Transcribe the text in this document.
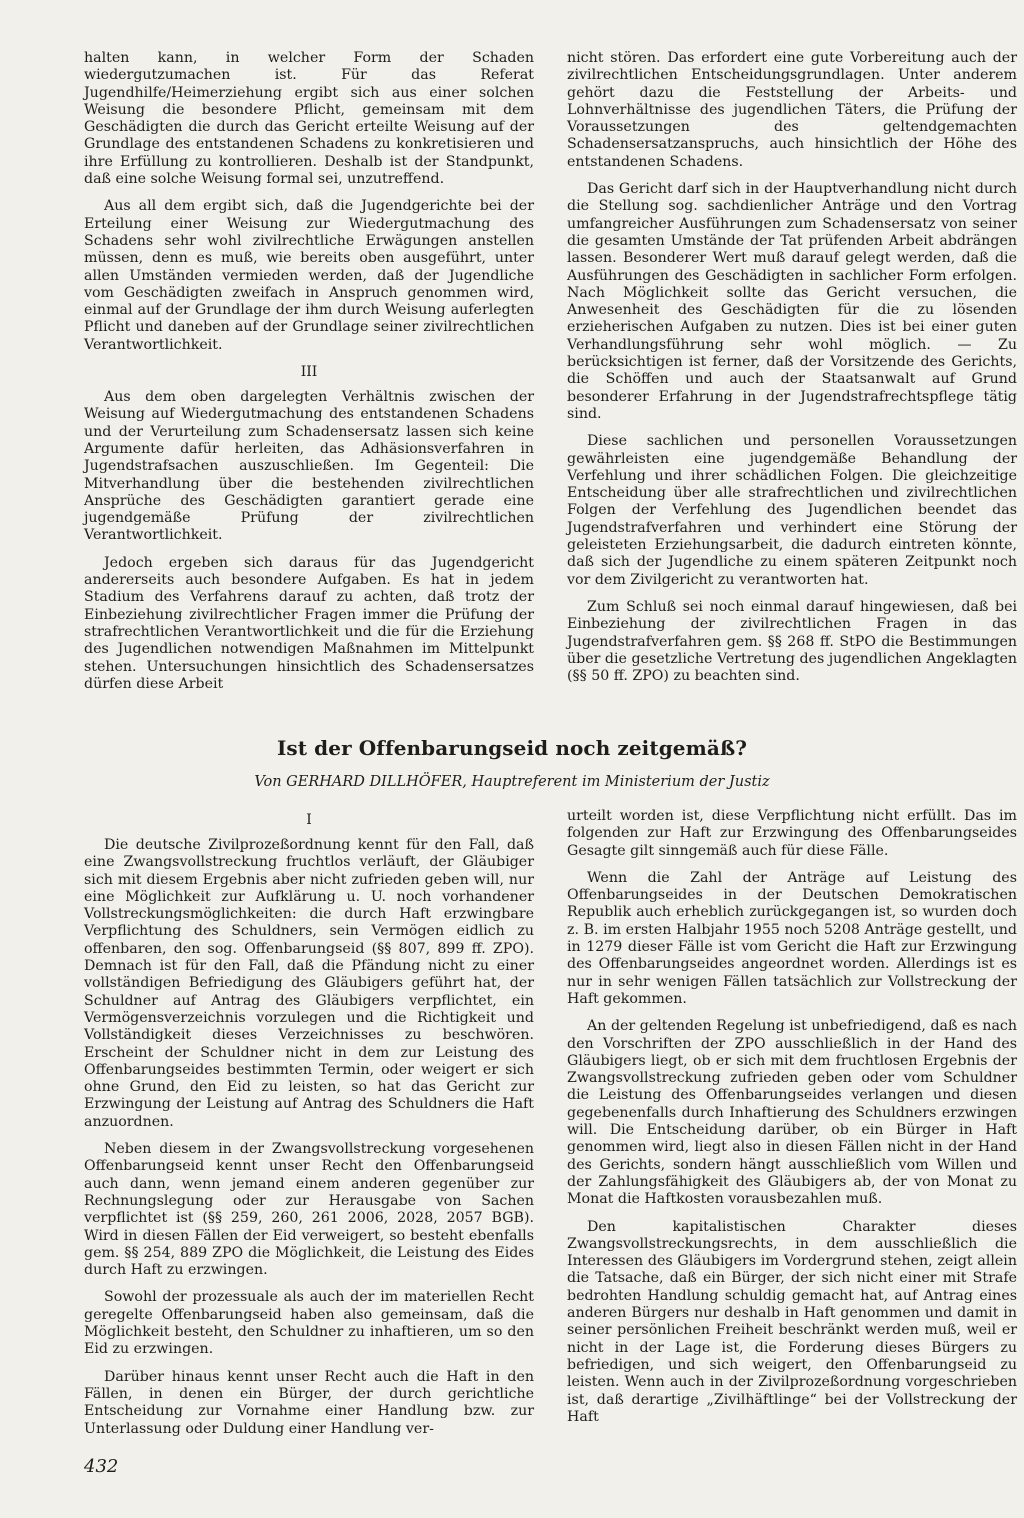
halten kann, in welcher Form der Schaden wiedergutzumachen ist. Für das Referat Jugendhilfe/Heimerziehung ergibt sich aus einer solchen Weisung die besondere Pflicht, gemeinsam mit dem Geschädigten die durch das Gericht erteilte Weisung auf der Grundlage des entstandenen Schadens zu konkretisieren und ihre Erfüllung zu kontrollieren. Deshalb ist der Standpunkt, daß eine solche Weisung formal sei, unzutreffend.

Aus all dem ergibt sich, daß die Jugendgerichte bei der Erteilung einer Weisung zur Wiedergutmachung des Schadens sehr wohl zivilrechtliche Erwägungen anstellen müssen, denn es muß, wie bereits oben ausgeführt, unter allen Umständen vermieden werden, daß der Jugendliche vom Geschädigten zweifach in Anspruch genommen wird, einmal auf der Grundlage der ihm durch Weisung auferlegten Pflicht und daneben auf der Grundlage seiner zivilrechtlichen Verantwortlichkeit.

III

Aus dem oben dargelegten Verhältnis zwischen der Weisung auf Wiedergutmachung des entstandenen Schadens und der Verurteilung zum Schadensersatz lassen sich keine Argumente dafür herleiten, das Adhäsionsverfahren in Jugendstrafsachen auszuschließen. Im Gegenteil: Die Mitverhandlung über die bestehenden zivilrechtlichen Ansprüche des Geschädigten garantiert gerade eine jugendgemäße Prüfung der zivilrechtlichen Verantwortlichkeit.

Jedoch ergeben sich daraus für das Jugendgericht andererseits auch besondere Aufgaben. Es hat in jedem Stadium des Verfahrens darauf zu achten, daß trotz der Einbeziehung zivilrechtlicher Fragen immer die Prüfung der strafrechtlichen Verantwortlichkeit und die für die Erziehung des Jugendlichen notwendigen Maßnahmen im Mittelpunkt stehen. Untersuchungen hinsichtlich des Schadensersatzes dürfen diese Arbeit

nicht stören. Das erfordert eine gute Vorbereitung auch der zivilrechtlichen Entscheidungsgrundlagen. Unter anderem gehört dazu die Feststellung der Arbeits- und Lohnverhältnisse des jugendlichen Täters, die Prüfung der Voraussetzungen des geltendgemachten Schadensersatzanspruchs, auch hinsichtlich der Höhe des entstandenen Schadens.

Das Gericht darf sich in der Hauptverhandlung nicht durch die Stellung sog. sachdienlicher Anträge und den Vortrag umfangreicher Ausführungen zum Schadensersatz von seiner die gesamten Umstände der Tat prüfenden Arbeit abdrängen lassen. Besonderer Wert muß darauf gelegt werden, daß die Ausführungen des Geschädigten in sachlicher Form erfolgen. Nach Möglichkeit sollte das Gericht versuchen, die Anwesenheit des Geschädigten für die zu lösenden erzieherischen Aufgaben zu nutzen. Dies ist bei einer guten Verhandlungsführung sehr wohl möglich. — Zu berücksichtigen ist ferner, daß der Vorsitzende des Gerichts, die Schöffen und auch der Staatsanwalt auf Grund besonderer Erfahrung in der Jugendstrafrechtspflege tätig sind.

Diese sachlichen und personellen Voraussetzungen gewährleisten eine jugendgemäße Behandlung der Verfehlung und ihrer schädlichen Folgen. Die gleichzeitige Entscheidung über alle strafrechtlichen und zivilrechtlichen Folgen der Verfehlung des Jugendlichen beendet das Jugendstrafverfahren und verhindert eine Störung der geleisteten Erziehungsarbeit, die dadurch eintreten könnte, daß sich der Jugendliche zu einem späteren Zeitpunkt noch vor dem Zivilgericht zu verantworten hat.

Zum Schluß sei noch einmal darauf hingewiesen, daß bei Einbeziehung der zivilrechtlichen Fragen in das Jugendstrafverfahren gem. §§ 268 ff. StPO die Bestimmungen über die gesetzliche Vertretung des jugendlichen Angeklagten (§§ 50 ff. ZPO) zu beachten sind.

Ist der Offenbarungseid noch zeitgemäß?
Von GERHARD DILLHÖFER, Hauptreferent im Ministerium der Justiz
I

Die deutsche Zivilprozeßordnung kennt für den Fall, daß eine Zwangsvollstreckung fruchtlos verläuft, der Gläubiger sich mit diesem Ergebnis aber nicht zufrieden geben will, nur eine Möglichkeit zur Aufklärung u. U. noch vorhandener Vollstreckungsmöglichkeiten: die durch Haft erzwingbare Verpflichtung des Schuldners, sein Vermögen eidlich zu offenbaren, den sog. Offenbarungseid (§§ 807, 899 ff. ZPO). Demnach ist für den Fall, daß die Pfändung nicht zu einer vollständigen Befriedigung des Gläubigers geführt hat, der Schuldner auf Antrag des Gläubigers verpflichtet, ein Vermögensverzeichnis vorzulegen und die Richtigkeit und Vollständigkeit dieses Verzeichnisses zu beschwören. Erscheint der Schuldner nicht in dem zur Leistung des Offenbarungseides bestimmten Termin, oder weigert er sich ohne Grund, den Eid zu leisten, so hat das Gericht zur Erzwingung der Leistung auf Antrag des Schuldners die Haft anzuordnen.

Neben diesem in der Zwangsvollstreckung vorgesehenen Offenbarungseid kennt unser Recht den Offenbarungseid auch dann, wenn jemand einem anderen gegenüber zur Rechnungslegung oder zur Herausgabe von Sachen verpflichtet ist (§§ 259, 260, 261 2006, 2028, 2057 BGB). Wird in diesen Fällen der Eid verweigert, so besteht ebenfalls gem. §§ 254, 889 ZPO die Möglichkeit, die Leistung des Eides durch Haft zu erzwingen.

Sowohl der prozessuale als auch der im materiellen Recht geregelte Offenbarungseid haben also gemeinsam, daß die Möglichkeit besteht, den Schuldner zu inhaftieren, um so den Eid zu erzwingen.

Darüber hinaus kennt unser Recht auch die Haft in den Fällen, in denen ein Bürger, der durch gerichtliche Entscheidung zur Vornahme einer Handlung bzw. zur Unterlassung oder Duldung einer Handlung ver-

urteilt worden ist, diese Verpflichtung nicht erfüllt. Das im folgenden zur Haft zur Erzwingung des Offenbarungseides Gesagte gilt sinngemäß auch für diese Fälle.

Wenn die Zahl der Anträge auf Leistung des Offenbarungseides in der Deutschen Demokratischen Republik auch erheblich zurückgegangen ist, so wurden doch z. B. im ersten Halbjahr 1955 noch 5208 Anträge gestellt, und in 1279 dieser Fälle ist vom Gericht die Haft zur Erzwingung des Offenbarungseides angeordnet worden. Allerdings ist es nur in sehr wenigen Fällen tatsächlich zur Vollstreckung der Haft gekommen.

An der geltenden Regelung ist unbefriedigend, daß es nach den Vorschriften der ZPO ausschließlich in der Hand des Gläubigers liegt, ob er sich mit dem fruchtlosen Ergebnis der Zwangsvollstreckung zufrieden geben oder vom Schuldner die Leistung des Offenbarungseides verlangen und diesen gegebenenfalls durch Inhaftierung des Schuldners erzwingen will. Die Entscheidung darüber, ob ein Bürger in Haft genommen wird, liegt also in diesen Fällen nicht in der Hand des Gerichts, sondern hängt ausschließlich vom Willen und der Zahlungsfähigkeit des Gläubigers ab, der von Monat zu Monat die Haftkosten vorausbezahlen muß.

Den kapitalistischen Charakter dieses Zwangsvollstreckungsrechts, in dem ausschließlich die Interessen des Gläubigers im Vordergrund stehen, zeigt allein die Tatsache, daß ein Bürger, der sich nicht einer mit Strafe bedrohten Handlung schuldig gemacht hat, auf Antrag eines anderen Bürgers nur deshalb in Haft genommen und damit in seiner persönlichen Freiheit beschränkt werden muß, weil er nicht in der Lage ist, die Forderung dieses Bürgers zu befriedigen, und sich weigert, den Offenbarungseid zu leisten. Wenn auch in der Zivilprozeßordnung vorgeschrieben ist, daß derartige „Zivilhäftlinge“ bei der Vollstreckung der Haft

432
